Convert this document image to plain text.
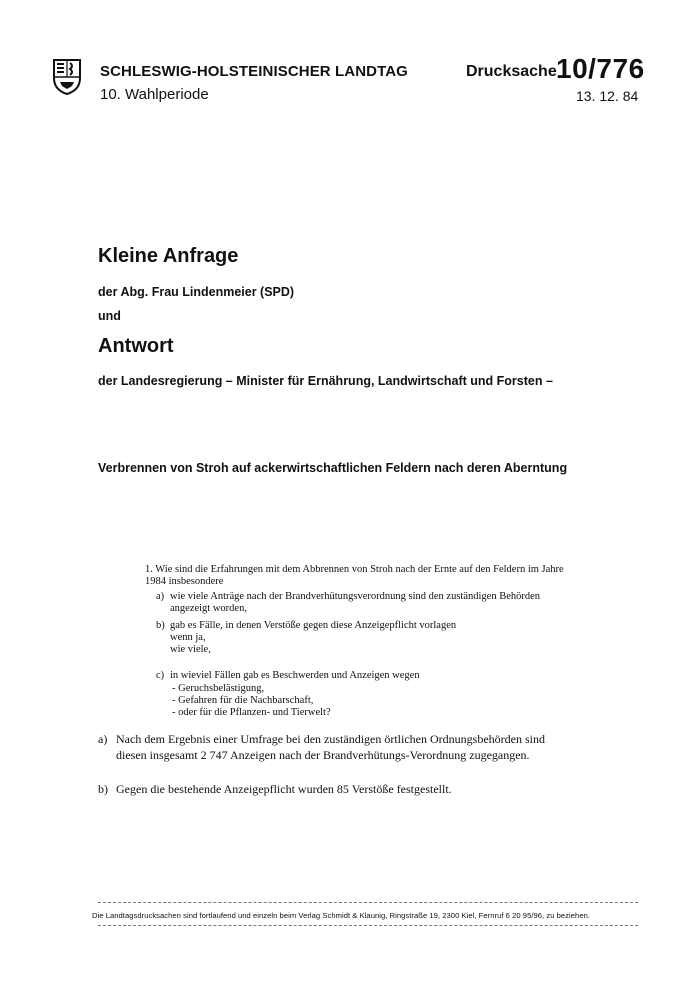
SCHLESWIG-HOLSTEINISCHER LANDTAG
10. Wahlperiode
Drucksache 10/776
13. 12. 84
Kleine Anfrage
der Abg. Frau Lindenmeier (SPD)
und
Antwort
der Landesregierung – Minister für Ernährung, Landwirtschaft und Forsten –
Verbrennen von Stroh auf ackerwirtschaftlichen Feldern nach deren Aberntung
1. Wie sind die Erfahrungen mit dem Abbrennen von Stroh nach der Ernte auf den Feldern im Jahre 1984 insbesondere
a) wie viele Anträge nach der Brandverhütungsverordnung sind den zuständigen Behörden angezeigt worden,
b) gab es Fälle, in denen Verstöße gegen diese Anzeigepflicht vorlagen
wenn ja,
wie viele,
c) in wieviel Fällen gab es Beschwerden und Anzeigen wegen
- Geruchsbelästigung,
- Gefahren für die Nachbarschaft,
- oder für die Pflanzen- und Tierwelt?
a) Nach dem Ergebnis einer Umfrage bei den zuständigen örtlichen Ordnungsbehörden sind diesen insgesamt 2 747 Anzeigen nach der Brandverhütungs-Verordnung zugegangen.
b) Gegen die bestehende Anzeigepflicht wurden 85 Verstöße festgestellt.
Die Landtagsdrucksachen sind fortlaufend und einzeln beim Verlag Schmidt & Klaunig, Ringstraße 19, 2300 Kiel, Fernruf 6 20 95/96, zu beziehen.
